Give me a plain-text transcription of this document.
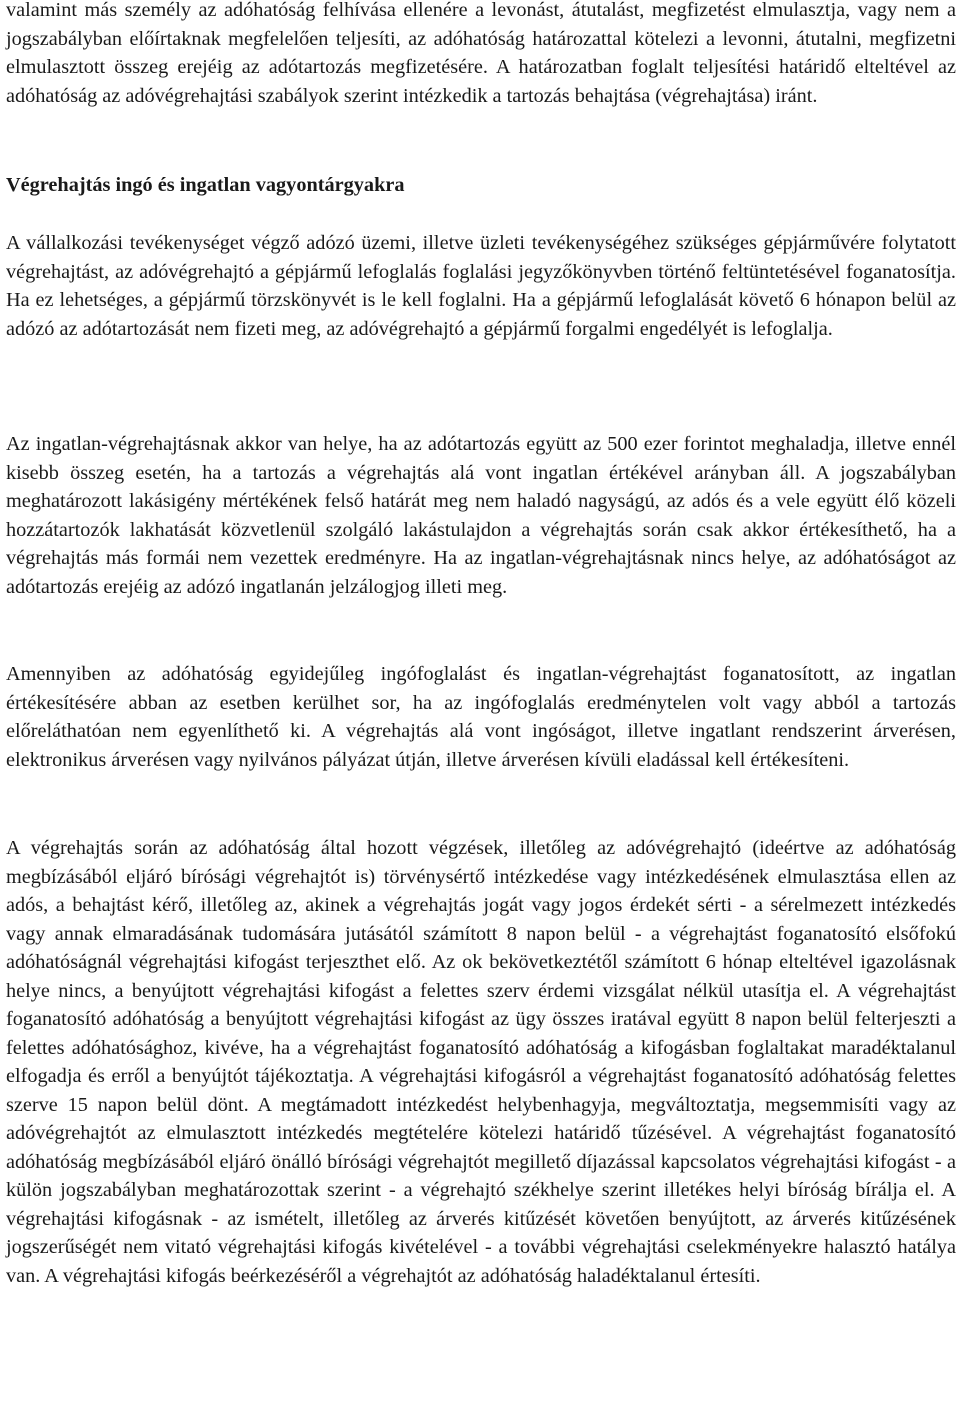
valamint más személy az adóhatóság felhívása ellenére a levonást, átutalást, megfizetést elmulasztja, vagy nem a jogszabályban előírtaknak megfelelően teljesíti, az adóhatóság határozattal kötelezi a levonni, átutalni, megfizetni elmulasztott összeg erejéig az adótartozás megfizetésére. A határozatban foglalt teljesítési határidő elteltével az adóhatóság az adóvégrehajtási szabályok szerint intézkedik a tartozás behajtása (végrehajtása) iránt.

Végrehajtás ingó és ingatlan vagyontárgyakra

A vállalkozási tevékenységet végző adózó üzemi, illetve üzleti tevékenységéhez szükséges gépjárművére folytatott végrehajtást, az adóvégrehajtó a gépjármű lefoglalás foglalási jegyzőkönyvben történő feltüntetésével foganatosítja. Ha ez lehetséges, a gépjármű törzskönyvét is le kell foglalni. Ha a gépjármű lefoglalását követő 6 hónapon belül az adózó az adótartozását nem fizeti meg, az adóvégrehajtó a gépjármű forgalmi engedélyét is lefoglalja.

Az ingatlan-végrehajtásnak akkor van helye, ha az adótartozás együtt az 500 ezer forintot meghaladja, illetve ennél kisebb összeg esetén, ha a tartozás a végrehajtás alá vont ingatlan értékével arányban áll. A jogszabályban meghatározott lakásigény mértékének felső határát meg nem haladó nagyságú, az adós és a vele együtt élő közeli hozzátartozók lakhatását közvetlenül szolgáló lakástulajdon a végrehajtás során csak akkor értékesíthető, ha a végrehajtás más formái nem vezettek eredményre. Ha az ingatlan-végrehajtásnak nincs helye, az adóhatóságot az adótartozás erejéig az adózó ingatlanán jelzálogjog illeti meg.

Amennyiben az adóhatóság egyidejűleg ingófoglalást és ingatlan-végrehajtást foganatosított, az ingatlan értékesítésére abban az esetben kerülhet sor, ha az ingófoglalás eredménytelen volt vagy abból a tartozás előreláthatóan nem egyenlíthető ki. A végrehajtás alá vont ingóságot, illetve ingatlant rendszerint árverésen, elektronikus árverésen vagy nyilvános pályázat útján, illetve árverésen kívüli eladással kell értékesíteni.

A végrehajtás során az adóhatóság által hozott végzések, illetőleg az adóvégrehajtó (ideértve az adóhatóság megbízásából eljáró bírósági végrehajtót is) törvénysértő intézkedése vagy intézkedésének elmulasztása ellen az adós, a behajtást kérő, illetőleg az, akinek a végrehajtás jogát vagy jogos érdekét sérti - a sérelmezett intézkedés vagy annak elmaradásának tudomására jutásától számított 8 napon belül - a végrehajtást foganatosító elsőfokú adóhatóságnál végrehajtási kifogást terjeszthet elő. Az ok bekövetkeztétől számított 6 hónap elteltével igazolásnak helye nincs, a benyújtott végrehajtási kifogást a felettes szerv érdemi vizsgálat nélkül utasítja el. A végrehajtást foganatosító adóhatóság a benyújtott végrehajtási kifogást az ügy összes iratával együtt 8 napon belül felterjeszti a felettes adóhatósághoz, kivéve, ha a végrehajtást foganatosító adóhatóság a kifogásban foglaltakat maradéktalanul elfogadja és erről a benyújtót tájékoztatja. A végrehajtási kifogásról a végrehajtást foganatosító adóhatóság felettes szerve 15 napon belül dönt. A megtámadott intézkedést helybenhagyja, megváltoztatja, megsemmisíti vagy az adóvégrehajtót az elmulasztott intézkedés megtételére kötelezi határidő tűzésével. A végrehajtást foganatosító adóhatóság megbízásából eljáró önálló bírósági végrehajtót megillető díjazással kapcsolatos végrehajtási kifogást - a külön jogszabályban meghatározottak szerint - a végrehajtó székhelye szerint illetékes helyi bíróság bírálja el. A végrehajtási kifogásnak - az ismételt, illetőleg az árverés kitűzését követően benyújtott, az árverés kitűzésének jogszerűségét nem vitató végrehajtási kifogás kivételével - a további végrehajtási cselekményekre halasztó hatálya van. A végrehajtási kifogás beérkezéséről a végrehajtót az adóhatóság haladéktalanul értesíti.
